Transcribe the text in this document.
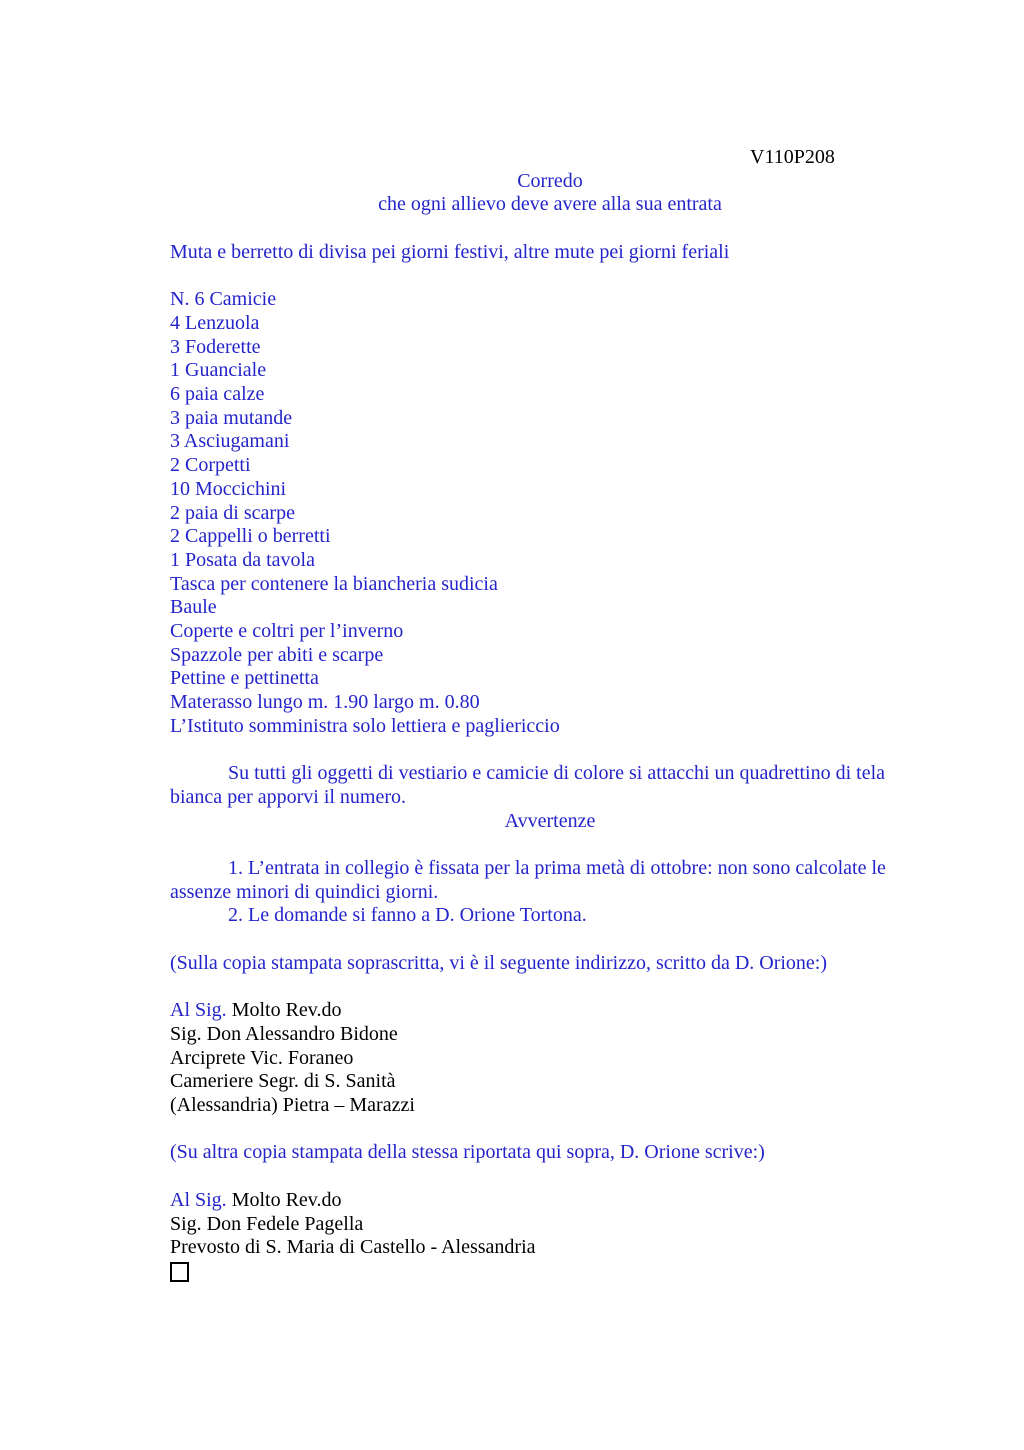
V110P208
Corredo
che ogni allievo deve avere alla sua entrata
Muta e berretto di divisa pei giorni festivi, altre mute pei giorni feriali
N. 6 Camicie
4 Lenzuola
3 Foderette
1 Guanciale
6 paia calze
3 paia mutande
3 Asciugamani
2 Corpetti
10 Moccichini
2 paia di scarpe
2 Cappelli o berretti
1 Posata da tavola
Tasca per contenere la biancheria sudicia
Baule
Coperte e coltri per l’inverno
Spazzole per abiti e scarpe
Pettine e pettinetta
Materasso lungo m. 1.90 largo m. 0.80
L’Istituto somministra solo lettiera e pagliericcio
Su tutti gli oggetti di vestiario e camicie di colore si attacchi un quadrettino di tela bianca per apporvi il numero.
Avvertenze
1. L’entrata in collegio è fissata per la prima metà di ottobre: non sono calcolate le assenze minori di quindici giorni.
2. Le domande si fanno a D. Orione Tortona.
(Sulla copia stampata soprascritta, vi è il seguente indirizzo, scritto da D. Orione:)
Al Sig. Molto Rev.do
Sig. Don Alessandro Bidone
Arciprete Vic. Foraneo
Cameriere Segr. di S. Sanità
(Alessandria) Pietra – Marazzi
(Su altra copia stampata della stessa riportata qui sopra, D. Orione scrive:)
Al Sig. Molto Rev.do
Sig. Don Fedele Pagella
Prevosto di S. Maria di Castello - Alessandria
